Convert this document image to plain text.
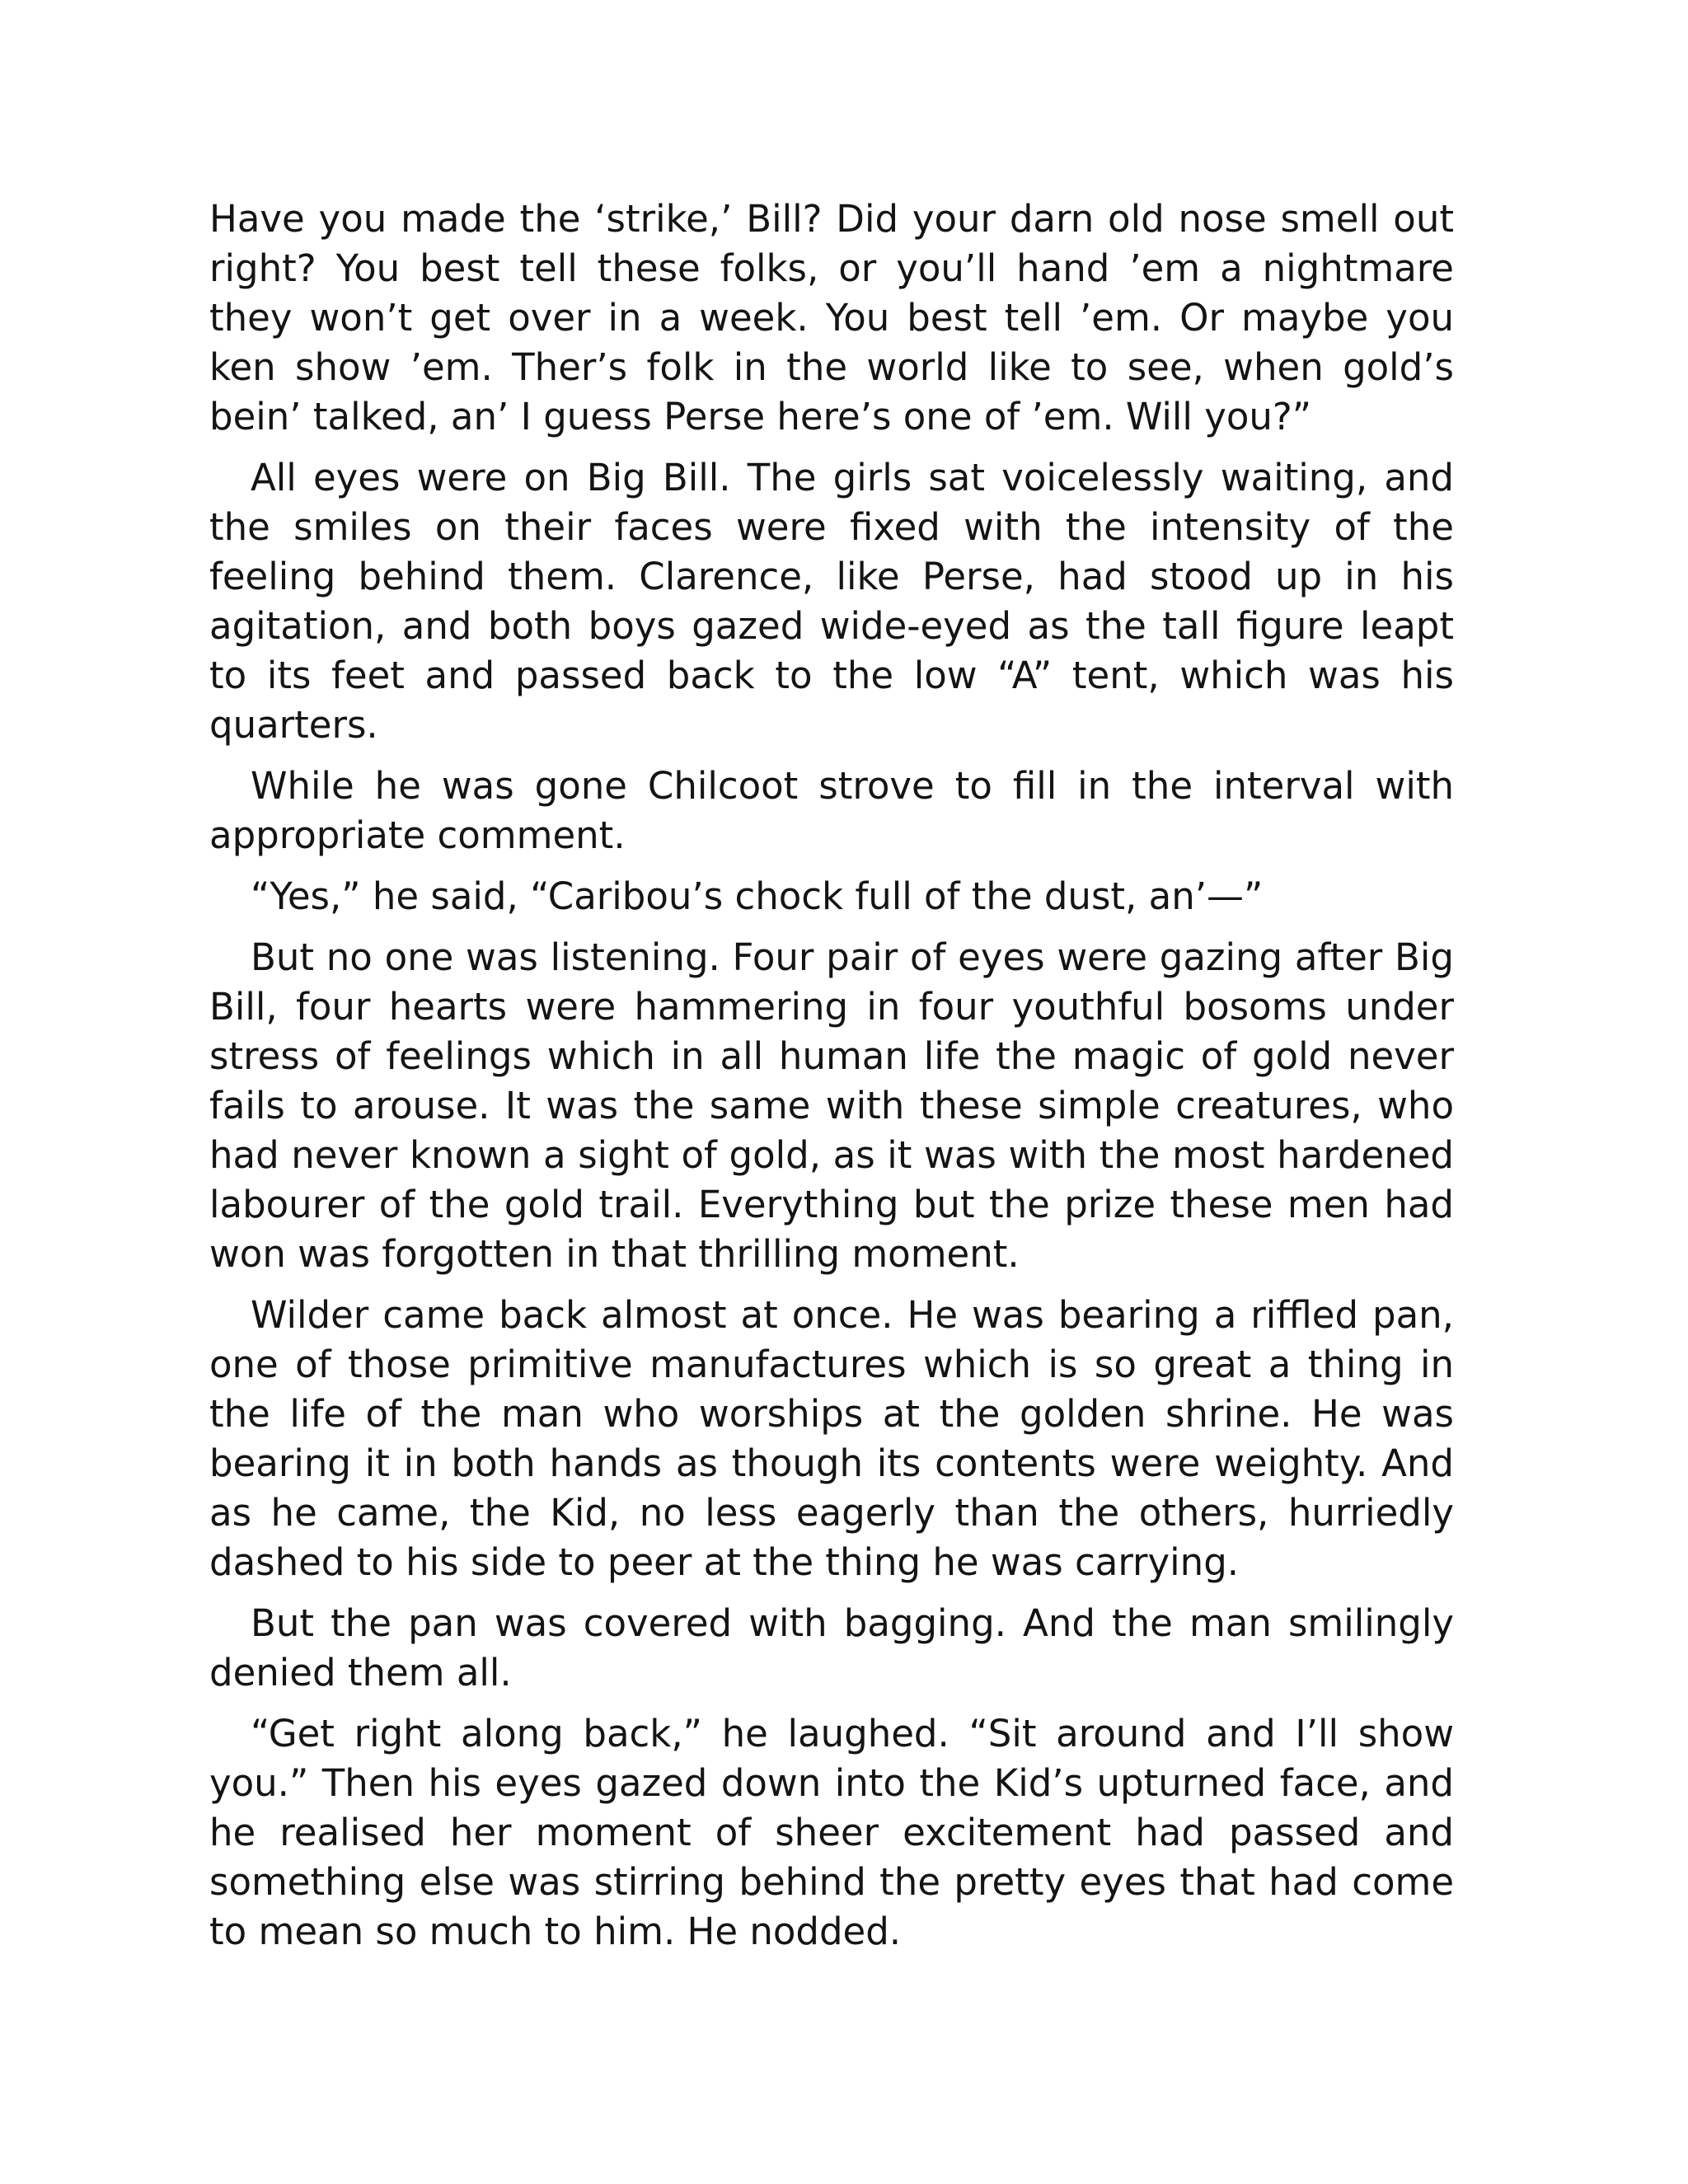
Have you made the ‘strike,’ Bill? Did your darn old nose smell out right? You best tell these folks, or you’ll hand ’em a nightmare they won’t get over in a week. You best tell ’em. Or maybe you ken show ’em. Ther’s folk in the world like to see, when gold’s bein’ talked, an’ I guess Perse here’s one of ’em. Will you?”

All eyes were on Big Bill. The girls sat voicelessly waiting, and the smiles on their faces were fixed with the intensity of the feeling behind them. Clarence, like Perse, had stood up in his agitation, and both boys gazed wide-eyed as the tall figure leapt to its feet and passed back to the low “A” tent, which was his quarters.

While he was gone Chilcoot strove to fill in the interval with appropriate comment.

“Yes,” he said, “Caribou’s chock full of the dust, an’—”

But no one was listening. Four pair of eyes were gazing after Big Bill, four hearts were hammering in four youthful bosoms under stress of feelings which in all human life the magic of gold never fails to arouse. It was the same with these simple creatures, who had never known a sight of gold, as it was with the most hardened labourer of the gold trail. Everything but the prize these men had won was forgotten in that thrilling moment.

Wilder came back almost at once. He was bearing a riffled pan, one of those primitive manufactures which is so great a thing in the life of the man who worships at the golden shrine. He was bearing it in both hands as though its contents were weighty. And as he came, the Kid, no less eagerly than the others, hurriedly dashed to his side to peer at the thing he was carrying.

But the pan was covered with bagging. And the man smilingly denied them all.

“Get right along back,” he laughed. “Sit around and I’ll show you.” Then his eyes gazed down into the Kid’s upturned face, and he realised her moment of sheer excitement had passed and something else was stirring behind the pretty eyes that had come to mean so much to him. He nodded.
